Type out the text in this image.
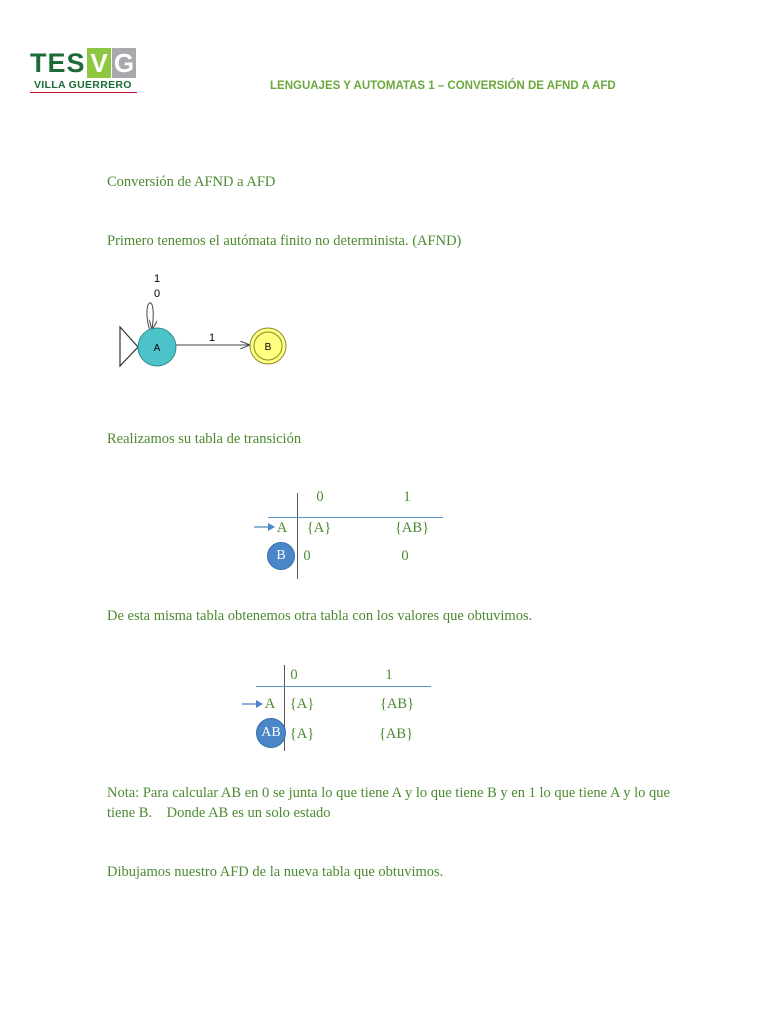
TES V G
VILLA GUERRERO	LENGUAJES Y AUTOMATAS 1 – CONVERSIÓN DE AFND A AFD
Conversión de AFND a AFD
Primero tenemos el autómata finito no determinista. (AFND)
1
0
A
1
B
Realizamos su tabla de transición
0	1
A	{A}	{AB}
B	0	0
De esta misma tabla obtenemos otra tabla con los valores que obtuvimos.
0	1
A {A}	{AB}
AB {A}	{AB}
Nota: Para calcular AB en 0 se junta lo que tiene A y lo que tiene B y en 1 lo que tiene A y lo que
tiene B.    Donde AB es un solo estado
Dibujamos nuestro AFD de la nueva tabla que obtuvimos.
